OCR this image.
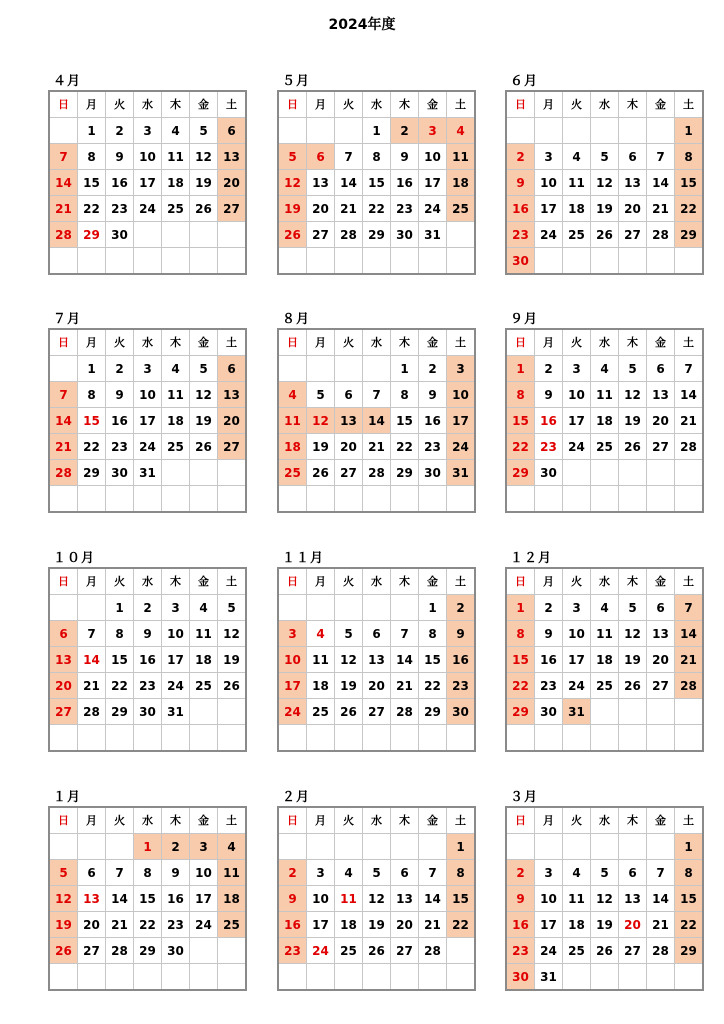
2024年度
４月
日	月	火	水	木	金	土
	1	2	3	4	5	6
7	8	9	10	11	12	13
14	15	16	17	18	19	20
21	22	23	24	25	26	27
28	29	30				

５月
日	月	火	水	木	金	土
			1	2	3	4
5	6	7	8	9	10	11
12	13	14	15	16	17	18
19	20	21	22	23	24	25
26	27	28	29	30	31	

６月
日	月	火	水	木	金	土
						1
2	3	4	5	6	7	8
9	10	11	12	13	14	15
16	17	18	19	20	21	22
23	24	25	26	27	28	29
30						
７月
日	月	火	水	木	金	土
	1	2	3	4	5	6
7	8	9	10	11	12	13
14	15	16	17	18	19	20
21	22	23	24	25	26	27
28	29	30	31			

８月
日	月	火	水	木	金	土
				1	2	3
4	5	6	7	8	9	10
11	12	13	14	15	16	17
18	19	20	21	22	23	24
25	26	27	28	29	30	31

９月
日	月	火	水	木	金	土
1	2	3	4	5	6	7
8	9	10	11	12	13	14
15	16	17	18	19	20	21
22	23	24	25	26	27	28
29	30					

１０月
日	月	火	水	木	金	土
		1	2	3	4	5
6	7	8	9	10	11	12
13	14	15	16	17	18	19
20	21	22	23	24	25	26
27	28	29	30	31		

１１月
日	月	火	水	木	金	土
					1	2
3	4	5	6	7	8	9
10	11	12	13	14	15	16
17	18	19	20	21	22	23
24	25	26	27	28	29	30

１２月
日	月	火	水	木	金	土
1	2	3	4	5	6	7
8	9	10	11	12	13	14
15	16	17	18	19	20	21
22	23	24	25	26	27	28
29	30	31				

１月
日	月	火	水	木	金	土
			1	2	3	4
5	6	7	8	9	10	11
12	13	14	15	16	17	18
19	20	21	22	23	24	25
26	27	28	29	30		

２月
日	月	火	水	木	金	土
						1
2	3	4	5	6	7	8
9	10	11	12	13	14	15
16	17	18	19	20	21	22
23	24	25	26	27	28	

３月
日	月	火	水	木	金	土
						1
2	3	4	5	6	7	8
9	10	11	12	13	14	15
16	17	18	19	20	21	22
23	24	25	26	27	28	29
30	31					
